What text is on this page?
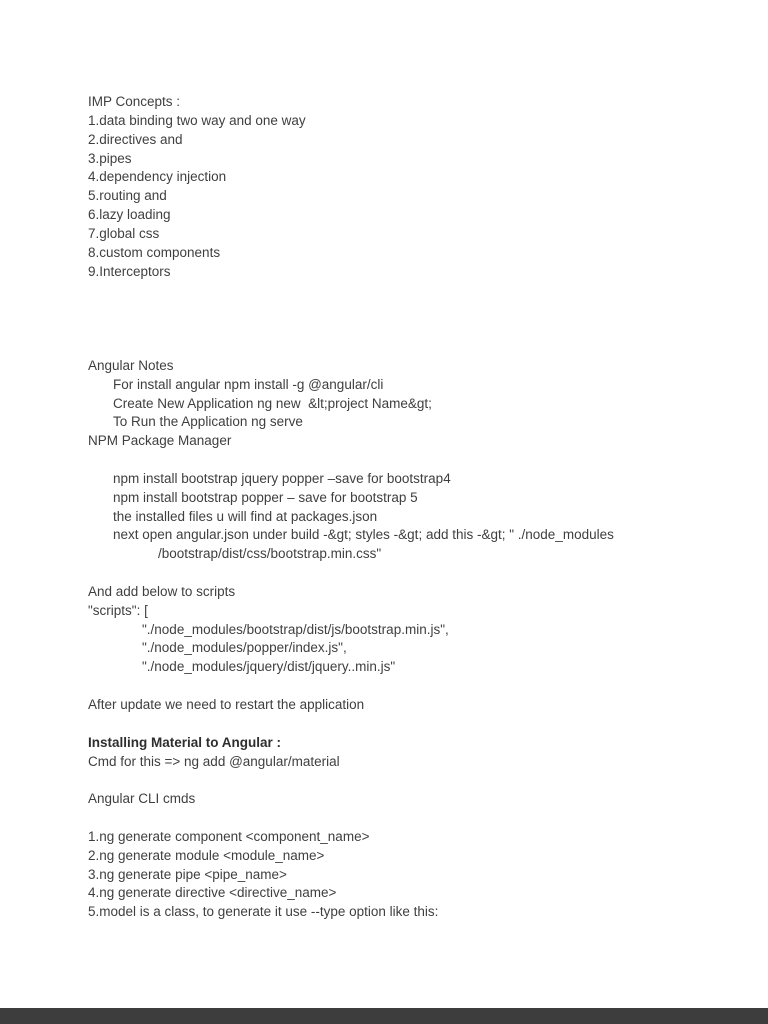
IMP Concepts :
1.data binding two way and one way
2.directives and
3.pipes
4.dependency injection
5.routing and
6.lazy loading
7.global css
8.custom components
9.Interceptors

Angular Notes
For install angular npm install -g @angular/cli
Create New Application ng new  &lt;project Name&gt;
To Run the Application ng serve
NPM Package Manager

npm install bootstrap jquery popper –save for bootstrap4
npm install bootstrap popper – save for bootstrap 5
the installed files u will find at packages.json
next open angular.json under build -&gt; styles -&gt; add this -&gt; " ./node_modules
/bootstrap/dist/css/bootstrap.min.css"

And add below to scripts
"scripts": [
"./node_modules/bootstrap/dist/js/bootstrap.min.js",
"./node_modules/popper/index.js",
"./node_modules/jquery/dist/jquery..min.js"

After update we need to restart the application

Installing Material to Angular :
Cmd for this => ng add @angular/material

Angular CLI cmds

1.ng generate component <component_name>
2.ng generate module <module_name>
3.ng generate pipe <pipe_name>
4.ng generate directive <directive_name>
5.model is a class, to generate it use --type option like this:
